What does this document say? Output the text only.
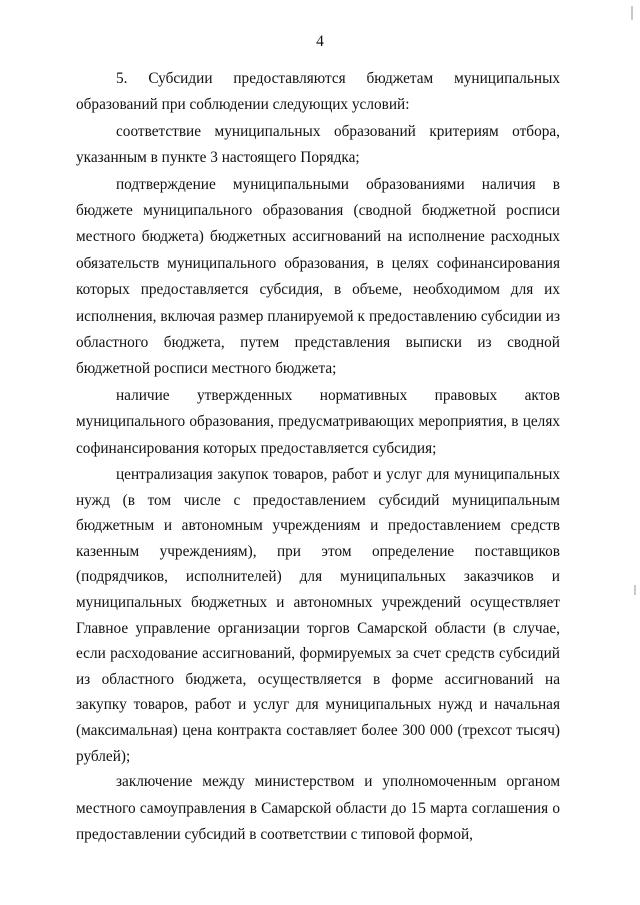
4

5. Субсидии предоставляются бюджетам муниципальных образований при соблюдении следующих условий:

соответствие муниципальных образований критериям отбора, указанным в пункте 3 настоящего Порядка;

подтверждение муниципальными образованиями наличия в бюджете муниципального образования (сводной бюджетной росписи местного бюджета) бюджетных ассигнований на исполнение расходных обязательств муниципального образования, в целях софинансирования которых предоставляется субсидия, в объеме, необходимом для их исполнения, включая размер планируемой к предоставлению субсидии из областного бюджета, путем представления выписки из сводной бюджетной росписи местного бюджета;

наличие утвержденных нормативных правовых актов муниципального образования, предусматривающих мероприятия, в целях софинансирования которых предоставляется субсидия;

централизация закупок товаров, работ и услуг для муниципальных нужд (в том числе с предоставлением субсидий муниципальным бюджетным и автономным учреждениям и предоставлением средств казенным учреждениям), при этом определение поставщиков (подрядчиков, исполнителей) для муниципальных заказчиков и муниципальных бюджетных и автономных учреждений осуществляет Главное управление организации торгов Самарской области (в случае, если расходование ассигнований, формируемых за счет средств субсидий из областного бюджета, осуществляется в форме ассигнований на закупку товаров, работ и услуг для муниципальных нужд и начальная (максимальная) цена контракта составляет более 300 000 (трехсот тысяч) рублей);

заключение между министерством и уполномоченным органом местного самоуправления в Самарской области до 15 марта соглашения о предоставлении субсидий в соответствии с типовой формой,
